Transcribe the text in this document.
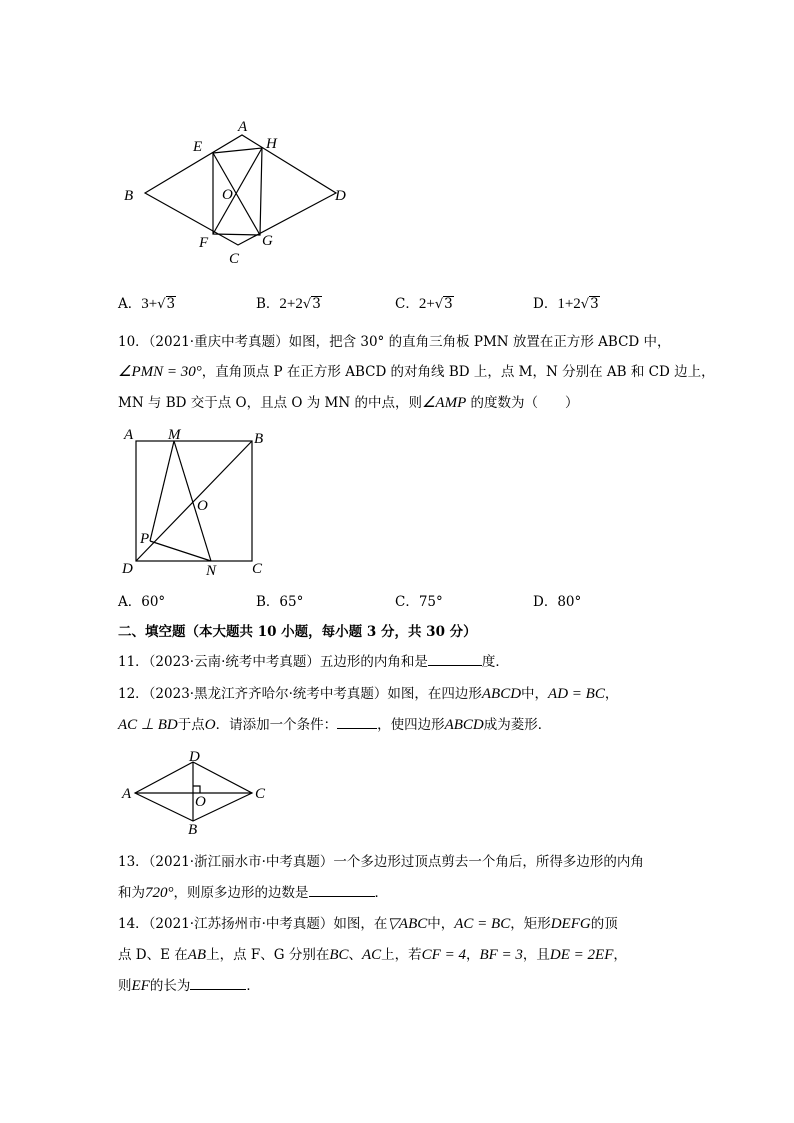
A
E	H
B	O	D
F	G
C
A．3+√3	B．2+2√3	C．2+√3	D．1+2√3
10．（2021·重庆中考真题）如图，把含 30° 的直角三角板 PMN 放置在正方形 ABCD 中，
∠PMN = 30°，直角顶点 P 在正方形 ABCD 的对角线 BD 上，点 M，N 分别在 AB 和 CD 边上，
MN 与 BD 交于点 O，且点 O 为 MN 的中点，则∠AMP 的度数为（　　）
A M	B
O
P
D	N C
A．60°	B．65°	C．75°	D．80°
二、填空题（本大题共 10 小题，每小题 3 分，共 30 分）
11．（2023·云南·统考中考真题）五边形的内角和是	度．
12．（2023·黑龙江齐齐哈尔·统考中考真题）如图，在四边形ABCD中，AD = BC，
AC ⊥ BD于点O．请添加一个条件：	，使四边形ABCD成为菱形．
D
A	O	C
B
13．（2021·浙江丽水市·中考真题）一个多边形过顶点剪去一个角后，所得多边形的内角
和为720°，则原多边形的边数是	．
14．（2021·江苏扬州市·中考真题）如图，在▽ABC中，AC = BC，矩形DEFG的顶
点 D、E 在AB上，点 F、G 分别在BC、AC上，若CF = 4，BF = 3，且DE = 2EF，
则EF的长为	．
